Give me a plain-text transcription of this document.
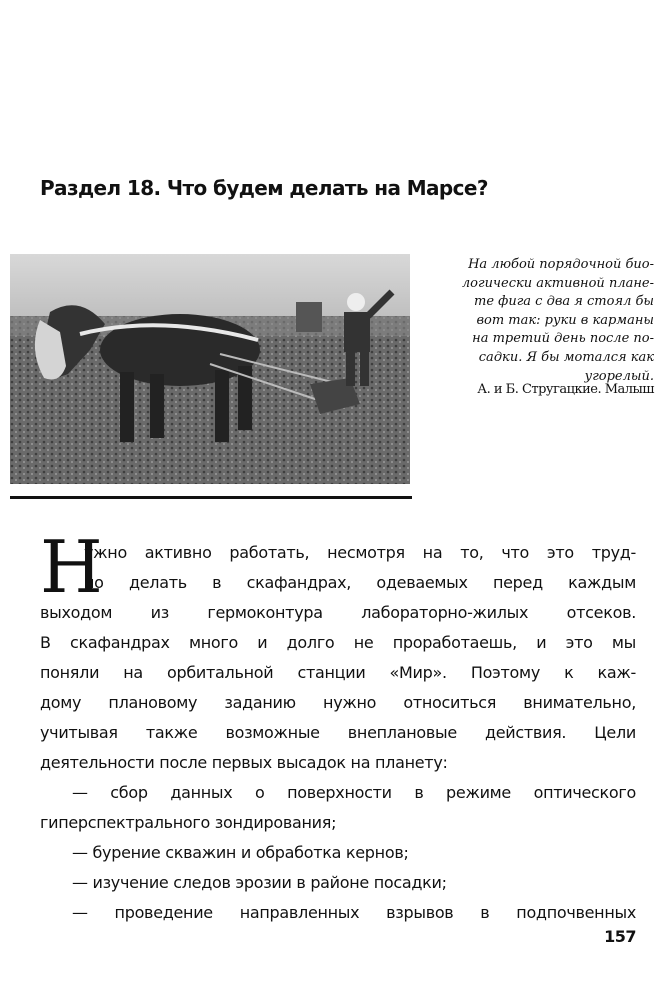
Раздел 18. Что будем делать на Марсе?
На любой порядочной био-
логически активной плане-
те фига с два я стоял бы
вот так: руки в карманы
на третий день после по-
садки. Я бы мотался как
угорелый.

А. и Б. Стругацкие. Малыш

Н
ужно активно работать, несмотря на то, что это труд-
но делать в скафандрах, одеваемых перед каждым
выходом из гермоконтура лабораторно-жилых отсеков.
В скафандрах много и долго не проработаешь, и это мы
поняли на орбитальной станции «Мир». Поэтому к каж-
дому плановому заданию нужно относиться внимательно,
учитывая также возможные внеплановые действия. Цели
деятельности после первых высадок на планету:
— сбор данных о поверхности в режиме оптического
гиперспектрального зондирования;
— бурение скважин и обработка кернов;
— изучение следов эрозии в районе посадки;
— проведение направленных взрывов в подпочвенных

157
